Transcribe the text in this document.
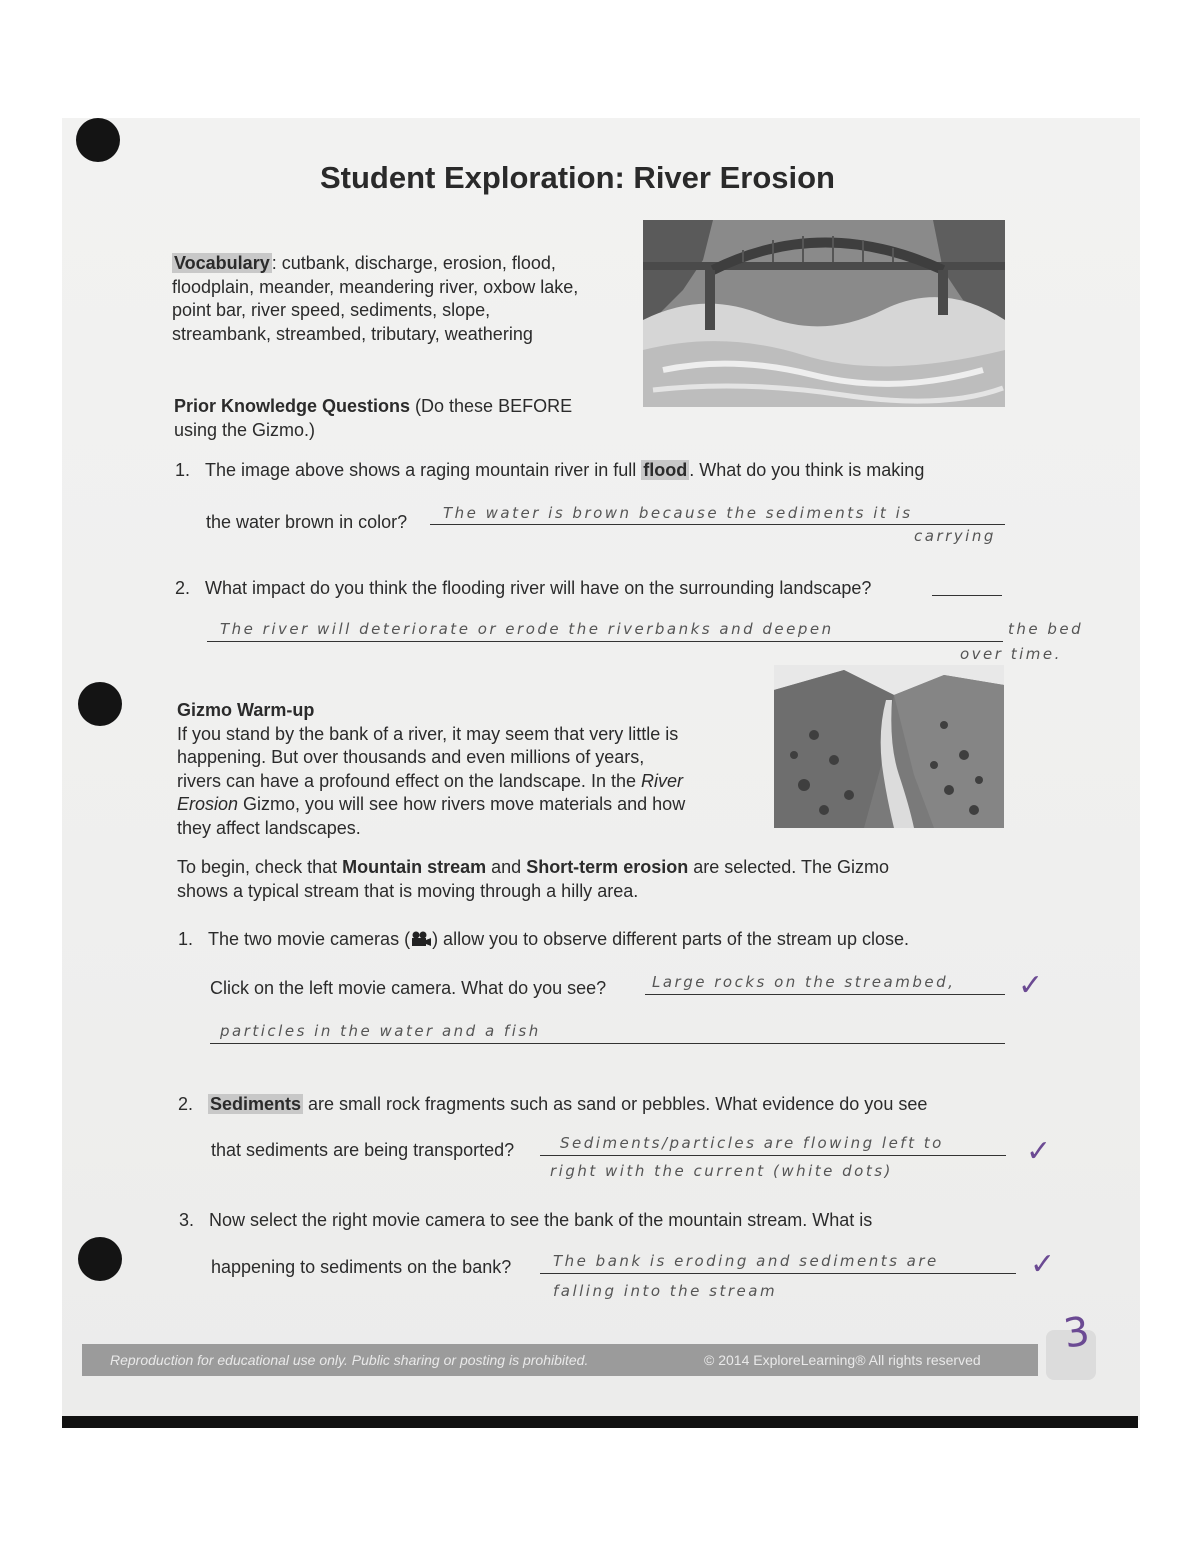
Student Exploration: River Erosion
Vocabulary : cutbank, discharge, erosion, flood,
floodplain, meander, meandering river, oxbow lake,
point bar, river speed, sediments, slope,
streambank, streambed, tributary, weathering
Prior Knowledge Questions (Do these BEFORE
using the Gizmo.)
1. The image above shows a raging mountain river in full flood . What do you think is making
the water brown in color? The water is brown because the sediments it is
carrying
2. What impact do you think the flooding river will have on the surrounding landscape?
The river will deteriorate or erode the riverbanks and deepen	the bed
over time.
Gizmo Warm-up
If you stand by the bank of a river, it may seem that very little is
happening. But over thousands and even millions of years,
rivers can have a profound effect on the landscape. In the River
Erosion Gizmo, you will see how rivers move materials and how
they affect landscapes.
To begin, check that Mountain stream and Short-term erosion are selected. The Gizmo
shows a typical stream that is moving through a hilly area.
1. The two movie cameras ( ) allow you to observe different parts of the stream up close.
Click on the left movie camera. What do you see?	Large rocks on the streambed,
particles in the water and a fish
✓
2. Sediments are small rock fragments such as sand or pebbles. What evidence do you see
that sediments are being transported?	Sediments/particles are flowing left to
right with the current (white dots)
✓
3. Now select the right movie camera to see the bank of the mountain stream. What is
happening to sediments on the bank?	The bank is eroding and sediments are
falling into the stream
✓
Reproduction for educational use only. Public sharing or posting is prohibited.	© 2014 ExploreLearning® All rights reserved
3
